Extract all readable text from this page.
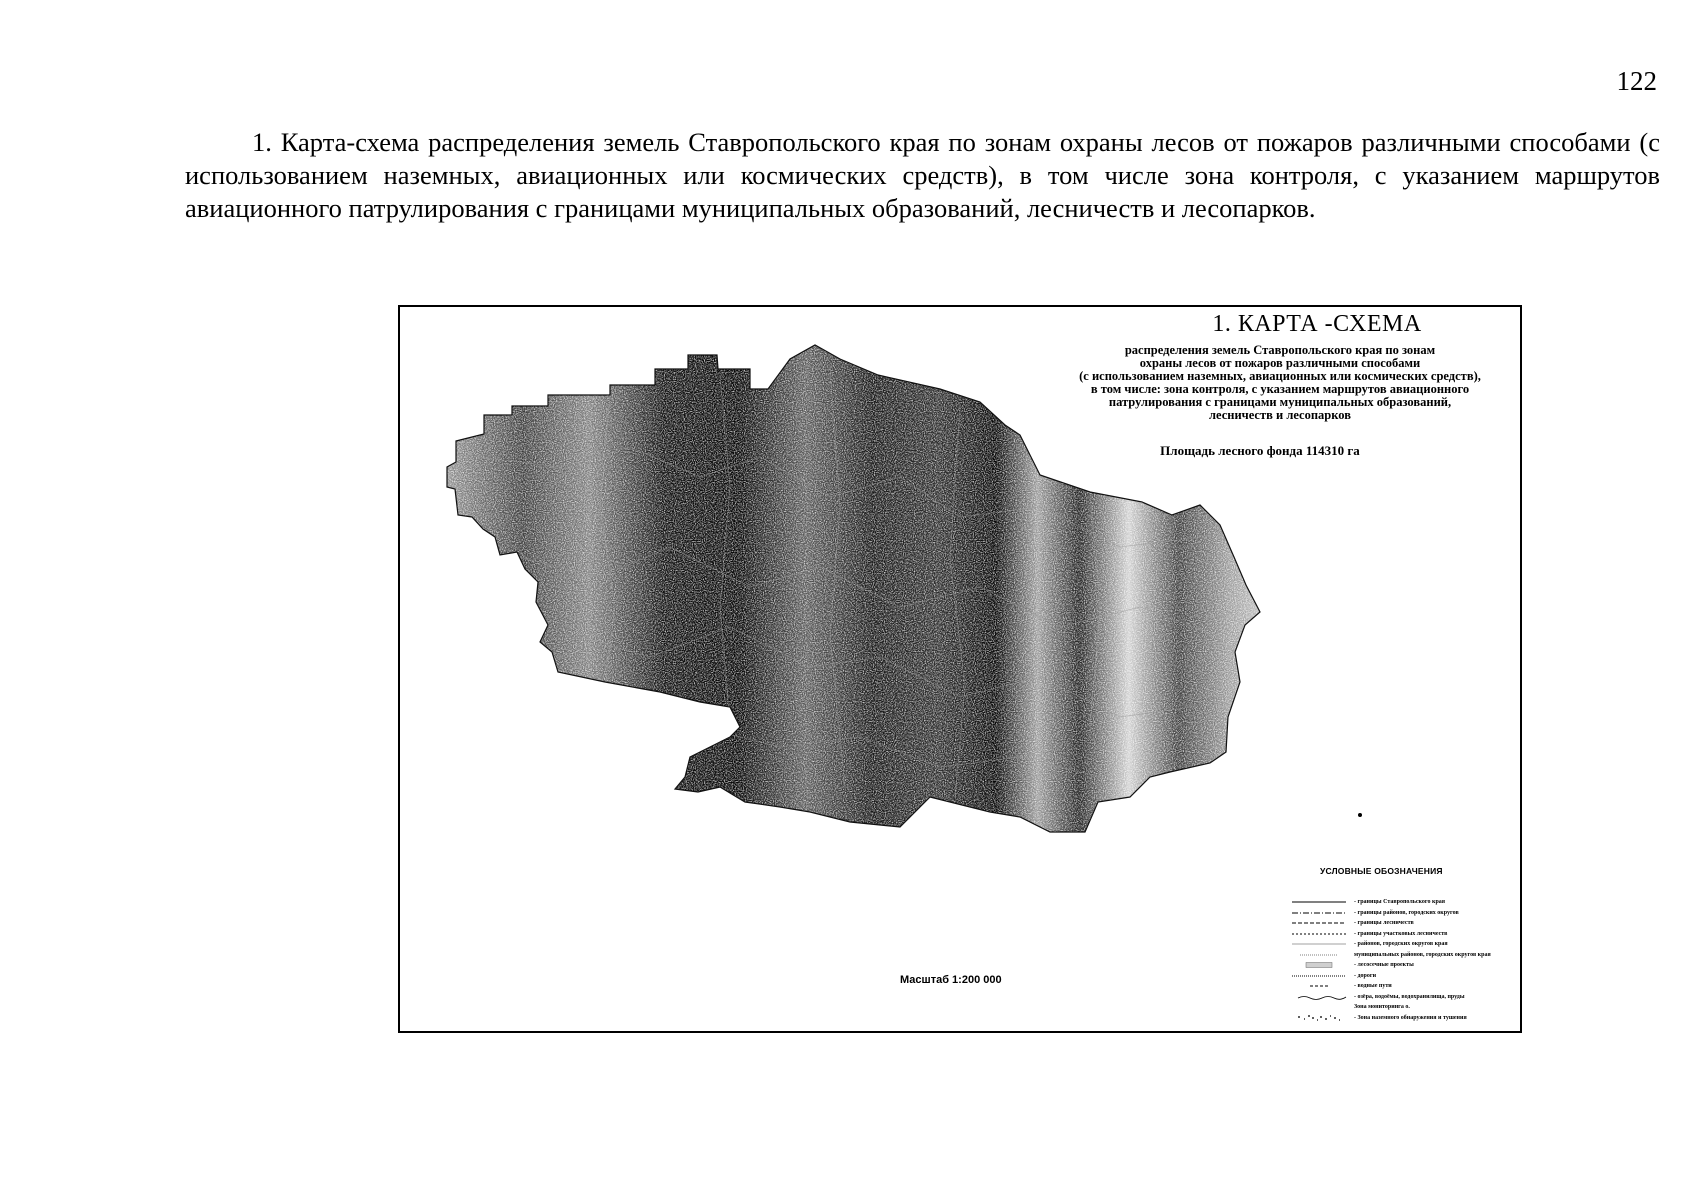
122
1. Карта-схема распределения земель Ставропольского края по зонам охраны лесов от пожаров различными способами (с использованием наземных, авиационных или космических средств), в том числе зона контроля, с указанием маршрутов авиационного патрулирования с границами муниципальных образований, лесничеств и лесопарков.
1. КАРТА -СХЕМА
распределения земель Ставропольского края по зонам
охраны лесов от пожаров различными способами
(с использованием наземных, авиационных или космических средств),
в том числе: зона контроля, с указанием маршрутов авиационного
патрулирования с границами муниципальных образований,
лесничеств и лесопарков
Площадь лесного фонда 114310 га
УСЛОВНЫЕ ОБОЗНАЧЕНИЯ
- границы Ставропольского края
- границы районов, городских округов
- границы лесничеств
- границы участковых лесничеств
- районов, городских округов края
муниципальных районов, городских округов края
- лесосечные проекты
- дороги
- водные пути
- озёра, водоёмы, водохранилища, пруды
Зона мониторинга о.
- Зона наземного обнаружения и тушения
Масштаб 1:200 000
